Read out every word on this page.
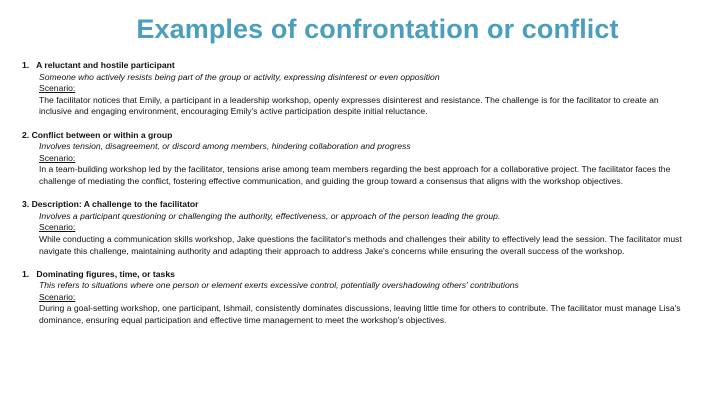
Examples of confrontation or conflict
1. A reluctant and hostile participant
Someone who actively resists being part of the group or activity, expressing disinterest or even opposition
Scenario:
The facilitator notices that Emily, a participant in a leadership workshop, openly expresses disinterest and resistance. The challenge is for the facilitator to create an inclusive and engaging environment, encouraging Emily's active participation despite initial reluctance.
2. Conflict between or within a group
Involves tension, disagreement, or discord among members, hindering collaboration and progress
Scenario:
In a team-building workshop led by the facilitator, tensions arise among team members regarding the best approach for a collaborative project. The facilitator faces the challenge of mediating the conflict, fostering effective communication, and guiding the group toward a consensus that aligns with the workshop objectives.
3. Description: A challenge to the facilitator
Involves a participant questioning or challenging the authority, effectiveness, or approach of the person leading the group.
Scenario:
While conducting a communication skills workshop, Jake questions the facilitator's methods and challenges their ability to effectively lead the session. The facilitator must navigate this challenge, maintaining authority and adapting their approach to address Jake's concerns while ensuring the overall success of the workshop.
1. Dominating figures, time, or tasks
This refers to situations where one person or element exerts excessive control, potentially overshadowing others' contributions
Scenario:
During a goal-setting workshop, one participant, Ishmail, consistently dominates discussions, leaving little time for others to contribute. The facilitator must manage Lisa's dominance, ensuring equal participation and effective time management to meet the workshop's objectives.
